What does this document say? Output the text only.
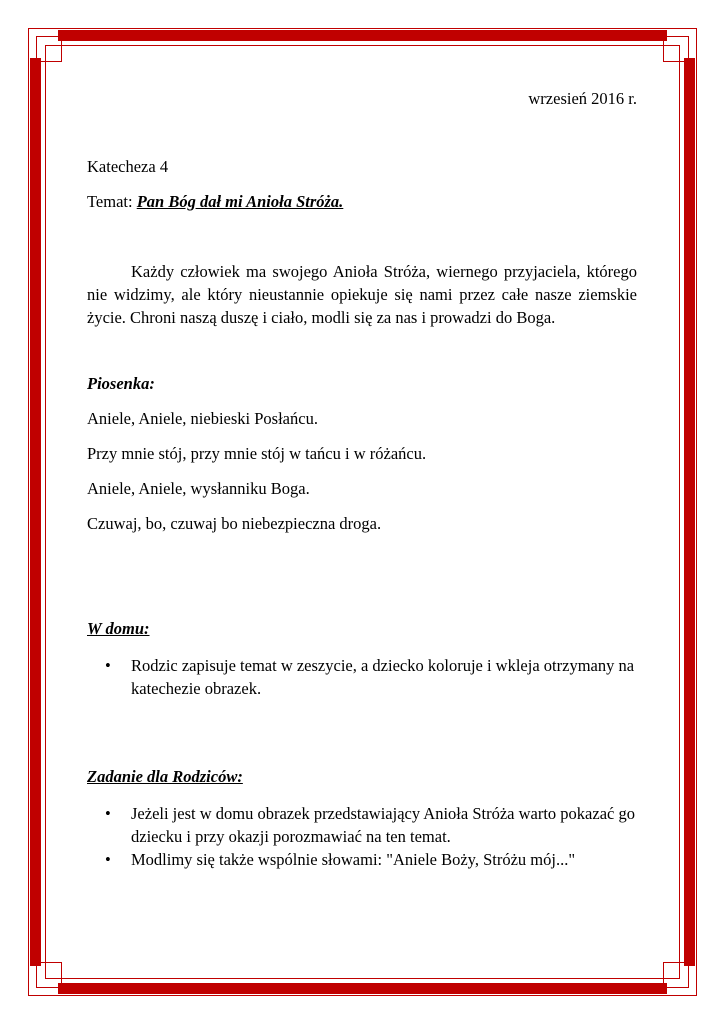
wrzesień 2016 r.
Katecheza 4
Temat: Pan Bóg dał mi Anioła Stróża.
Każdy człowiek ma swojego Anioła Stróża, wiernego przyjaciela, którego nie widzimy, ale który nieustannie opiekuje się nami przez całe nasze ziemskie życie. Chroni naszą duszę i ciało, modli się za nas i prowadzi do Boga.
Piosenka:
Aniele, Aniele, niebieski Posłańcu.
Przy mnie stój, przy mnie stój w tańcu i w różańcu.
Aniele, Aniele, wysłanniku Boga.
Czuwaj, bo, czuwaj bo niebezpieczna droga.
W domu:
•	Rodzic zapisuje temat w zeszycie, a dziecko koloruje i wkleja otrzymany na katechezie obrazek.
Zadanie dla Rodziców:
•	Jeżeli jest w domu obrazek przedstawiający Anioła Stróża warto pokazać go dziecku i przy okazji porozmawiać na ten temat.
•	Modlimy się także wspólnie słowami: "Aniele Boży, Stróżu mój..."
